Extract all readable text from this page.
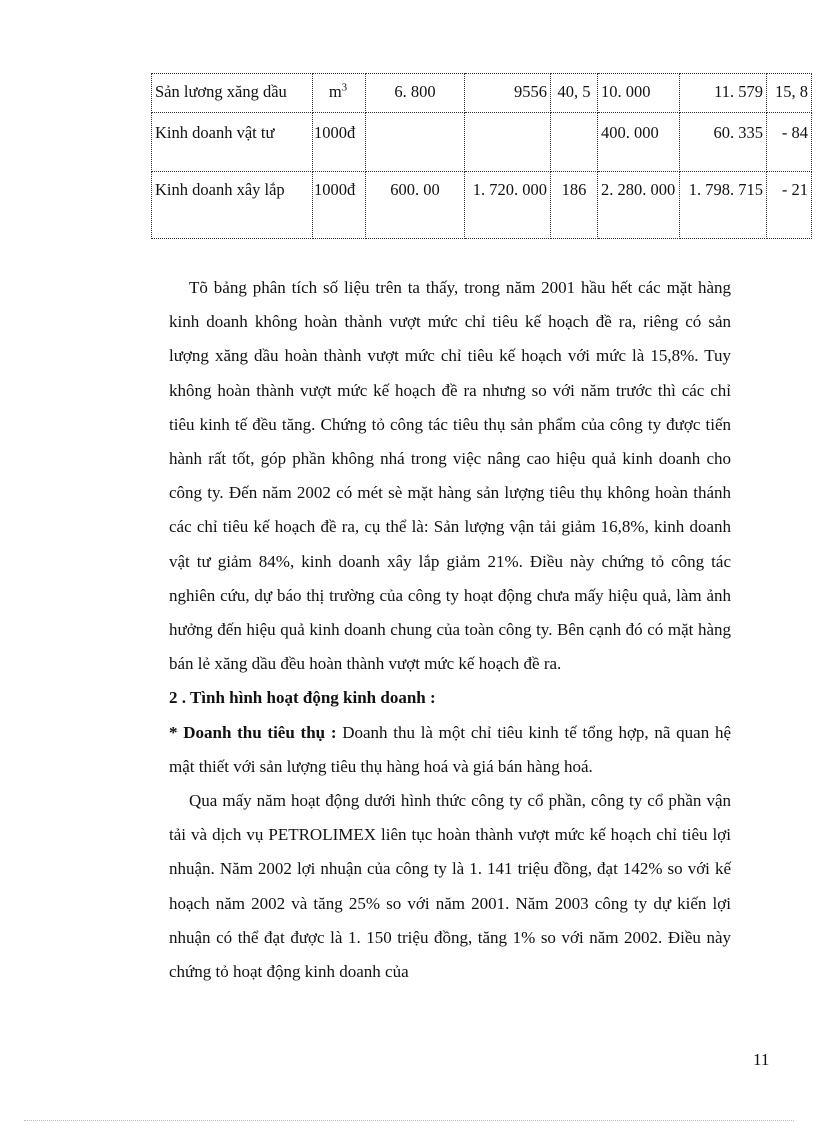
Sản lương xăng dầu	$m^3$	6. 800	9556	40, 5	10. 000	11. 579	15, 8
Kinh doanh vật tư	1000đ				400. 000	60. 335	- 84
Kinh doanh xây lắp	1000đ	600. 00	1. 720. 000	186	2. 280. 000	1. 798. 715	- 21

Tõ bảng phân tích số liệu trên ta thấy, trong năm 2001 hầu hết các mặt hàng kinh doanh không hoàn thành vượt mức chỉ tiêu kế hoạch đề ra, riêng có sản lượng xăng dầu hoàn thành vượt mức chỉ tiêu kế hoạch với mức là 15,8%. Tuy không hoàn thành vượt mức kế hoạch đề ra nhưng so với năm trước thì các chỉ tiêu kinh tế đều tăng. Chứng tỏ công tác tiêu thụ sản phẩm của công ty được tiến hành rất tốt, góp phần không nhá trong việc nâng cao hiệu quả kinh doanh cho công ty. Đến năm 2002 có mét sè mặt hàng sản lượng tiêu thụ không hoàn thánh các chỉ tiêu kế hoạch đề ra, cụ thể là: Sản lượng vận tải giảm 16,8%, kinh doanh vật tư giảm 84%, kinh doanh xây lắp giảm 21%. Điều này chứng tỏ công tác nghiên cứu, dự báo thị trường của công ty hoạt động chưa mấy hiệu quả, làm ảnh hưởng đến hiệu quả kinh doanh chung của toàn công ty. Bên cạnh đó có mặt hàng bán lẻ xăng dầu đều hoàn thành vượt mức kế hoạch đề ra.

2 . Tình hình hoạt động kinh doanh :

* Doanh thu tiêu thụ : Doanh thu là một chỉ tiêu kinh tế tổng hợp, nã quan hệ mật thiết với sản lượng tiêu thụ hàng hoá và giá bán hàng hoá.

Qua mấy năm hoạt động dưới hình thức công ty cổ phần, công ty cổ phần vận tải và dịch vụ PETROLIMEX liên tục hoàn thành vượt mức kế hoạch chỉ tiêu lợi nhuận. Năm 2002 lợi nhuận của công ty là 1. 141 triệu đồng, đạt 142% so với kế hoạch năm 2002 và tăng 25% so với năm 2001. Năm 2003 công ty dự kiến lợi nhuận có thể đạt được là 1. 150 triệu đồng, tăng 1% so với năm 2002. Điều này chứng tỏ hoạt động kinh doanh của

11
